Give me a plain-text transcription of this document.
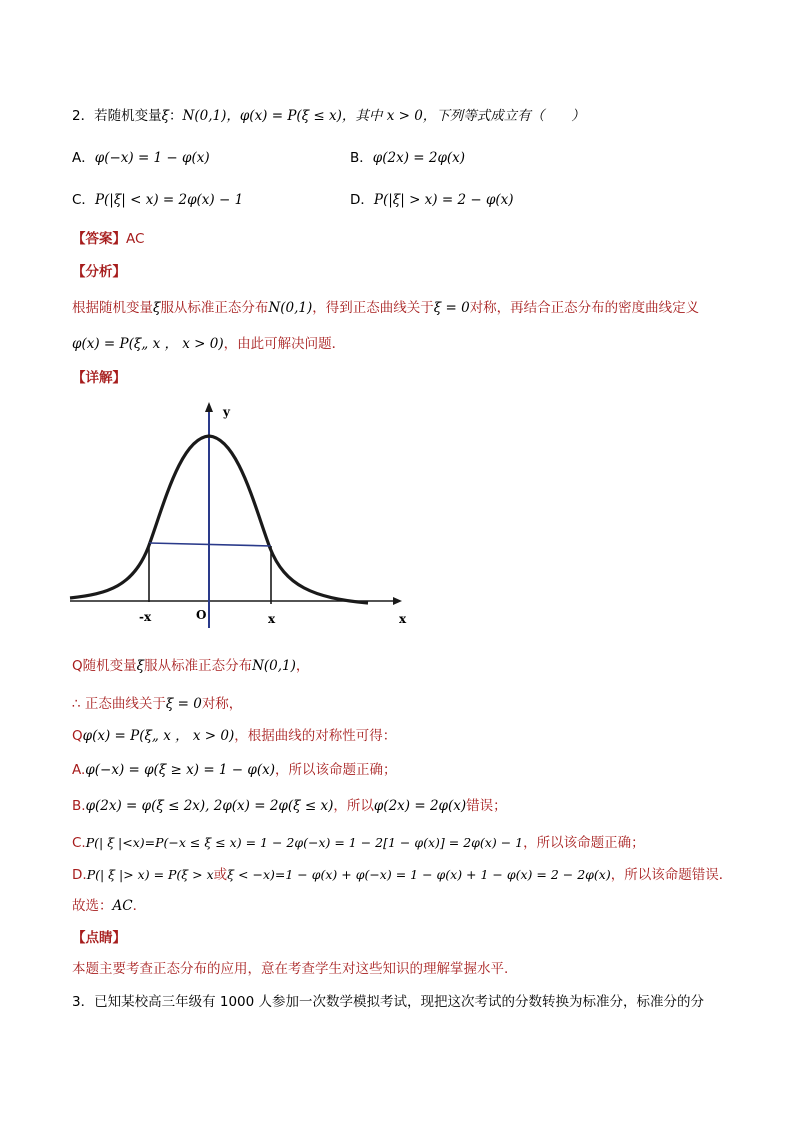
2．若随机变量ξ：N(0,1)，φ(x) = P(ξ ≤ x)，其中 x > 0，下列等式成立有（　　）
A．φ(−x) = 1 − φ(x)	B．φ(2x) = 2φ(x)
C．P(|ξ| < x) = 2φ(x) − 1	D．P(|ξ| > x) = 2 − φ(x)
【答案】AC
【分析】
根据随机变量ξ服从标准正态分布N(0,1)，得到正态曲线关于ξ = 0对称，再结合正态分布的密度曲线定义
φ(x) = P(ξ„ x ， x > 0)，由此可解决问题．
【详解】
y
x
O
-x	x
Q随机变量ξ服从标准正态分布N(0,1)，
∴ 正态曲线关于ξ = 0对称，
Qφ(x) = P(ξ„ x ， x > 0)，根据曲线的对称性可得：
A.φ(−x) = φ(ξ ≥ x) = 1 − φ(x)，所以该命题正确；
B.φ(2x) = φ(ξ ≤ 2x), 2φ(x) = 2φ(ξ ≤ x)，所以φ(2x) = 2φ(x)错误；
C.P(| ξ |<x)=P(−x ≤ ξ ≤ x) = 1 − 2φ(−x) = 1 − 2[1 − φ(x)] = 2φ(x) − 1，所以该命题正确；
D.P(| ξ |> x) = P(ξ > x或ξ < −x)=1 − φ(x) + φ(−x) = 1 − φ(x) + 1 − φ(x) = 2 − 2φ(x)，所以该命题错误．
故选：AC．
【点睛】
本题主要考查正态分布的应用，意在考查学生对这些知识的理解掌握水平.
3．已知某校高三年级有 1000 人参加一次数学模拟考试，现把这次考试的分数转换为标准分，标准分的分
